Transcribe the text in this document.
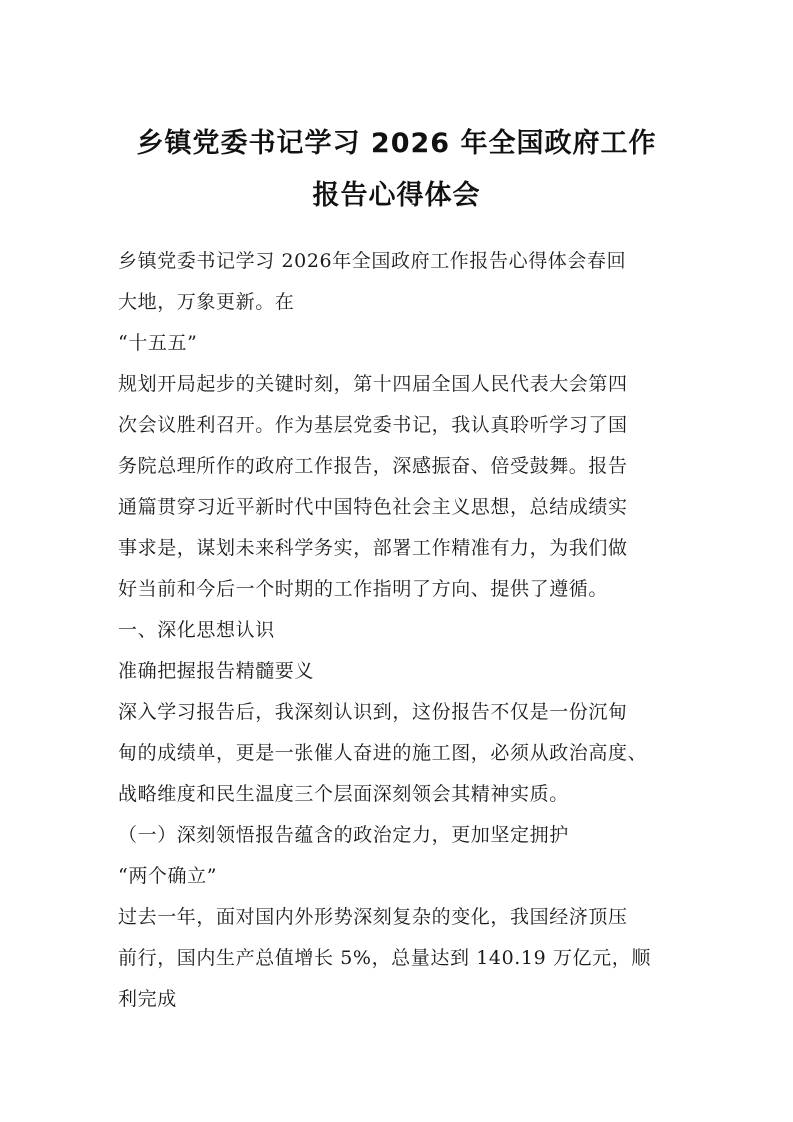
乡镇党委书记学习 2026 年全国政府工作
报告心得体会
乡镇党委书记学习 2026年全国政府工作报告心得体会春回
大地，万象更新。在
“十五五”
规划开局起步的关键时刻，第十四届全国人民代表大会第四
次会议胜利召开。作为基层党委书记，我认真聆听学习了国
务院总理所作的政府工作报告，深感振奋、倍受鼓舞。报告
通篇贯穿习近平新时代中国特色社会主义思想，总结成绩实
事求是，谋划未来科学务实，部署工作精准有力，为我们做
好当前和今后一个时期的工作指明了方向、提供了遵循。
一、深化思想认识
准确把握报告精髓要义
深入学习报告后，我深刻认识到，这份报告不仅是一份沉甸
甸的成绩单，更是一张催人奋进的施工图，必须从政治高度、
战略维度和民生温度三个层面深刻领会其精神实质。
（一）深刻领悟报告蕴含的政治定力，更加坚定拥护
“两个确立”
过去一年，面对国内外形势深刻复杂的变化，我国经济顶压
前行，国内生产总值增长 5%，总量达到 140.19 万亿元，顺
利完成
